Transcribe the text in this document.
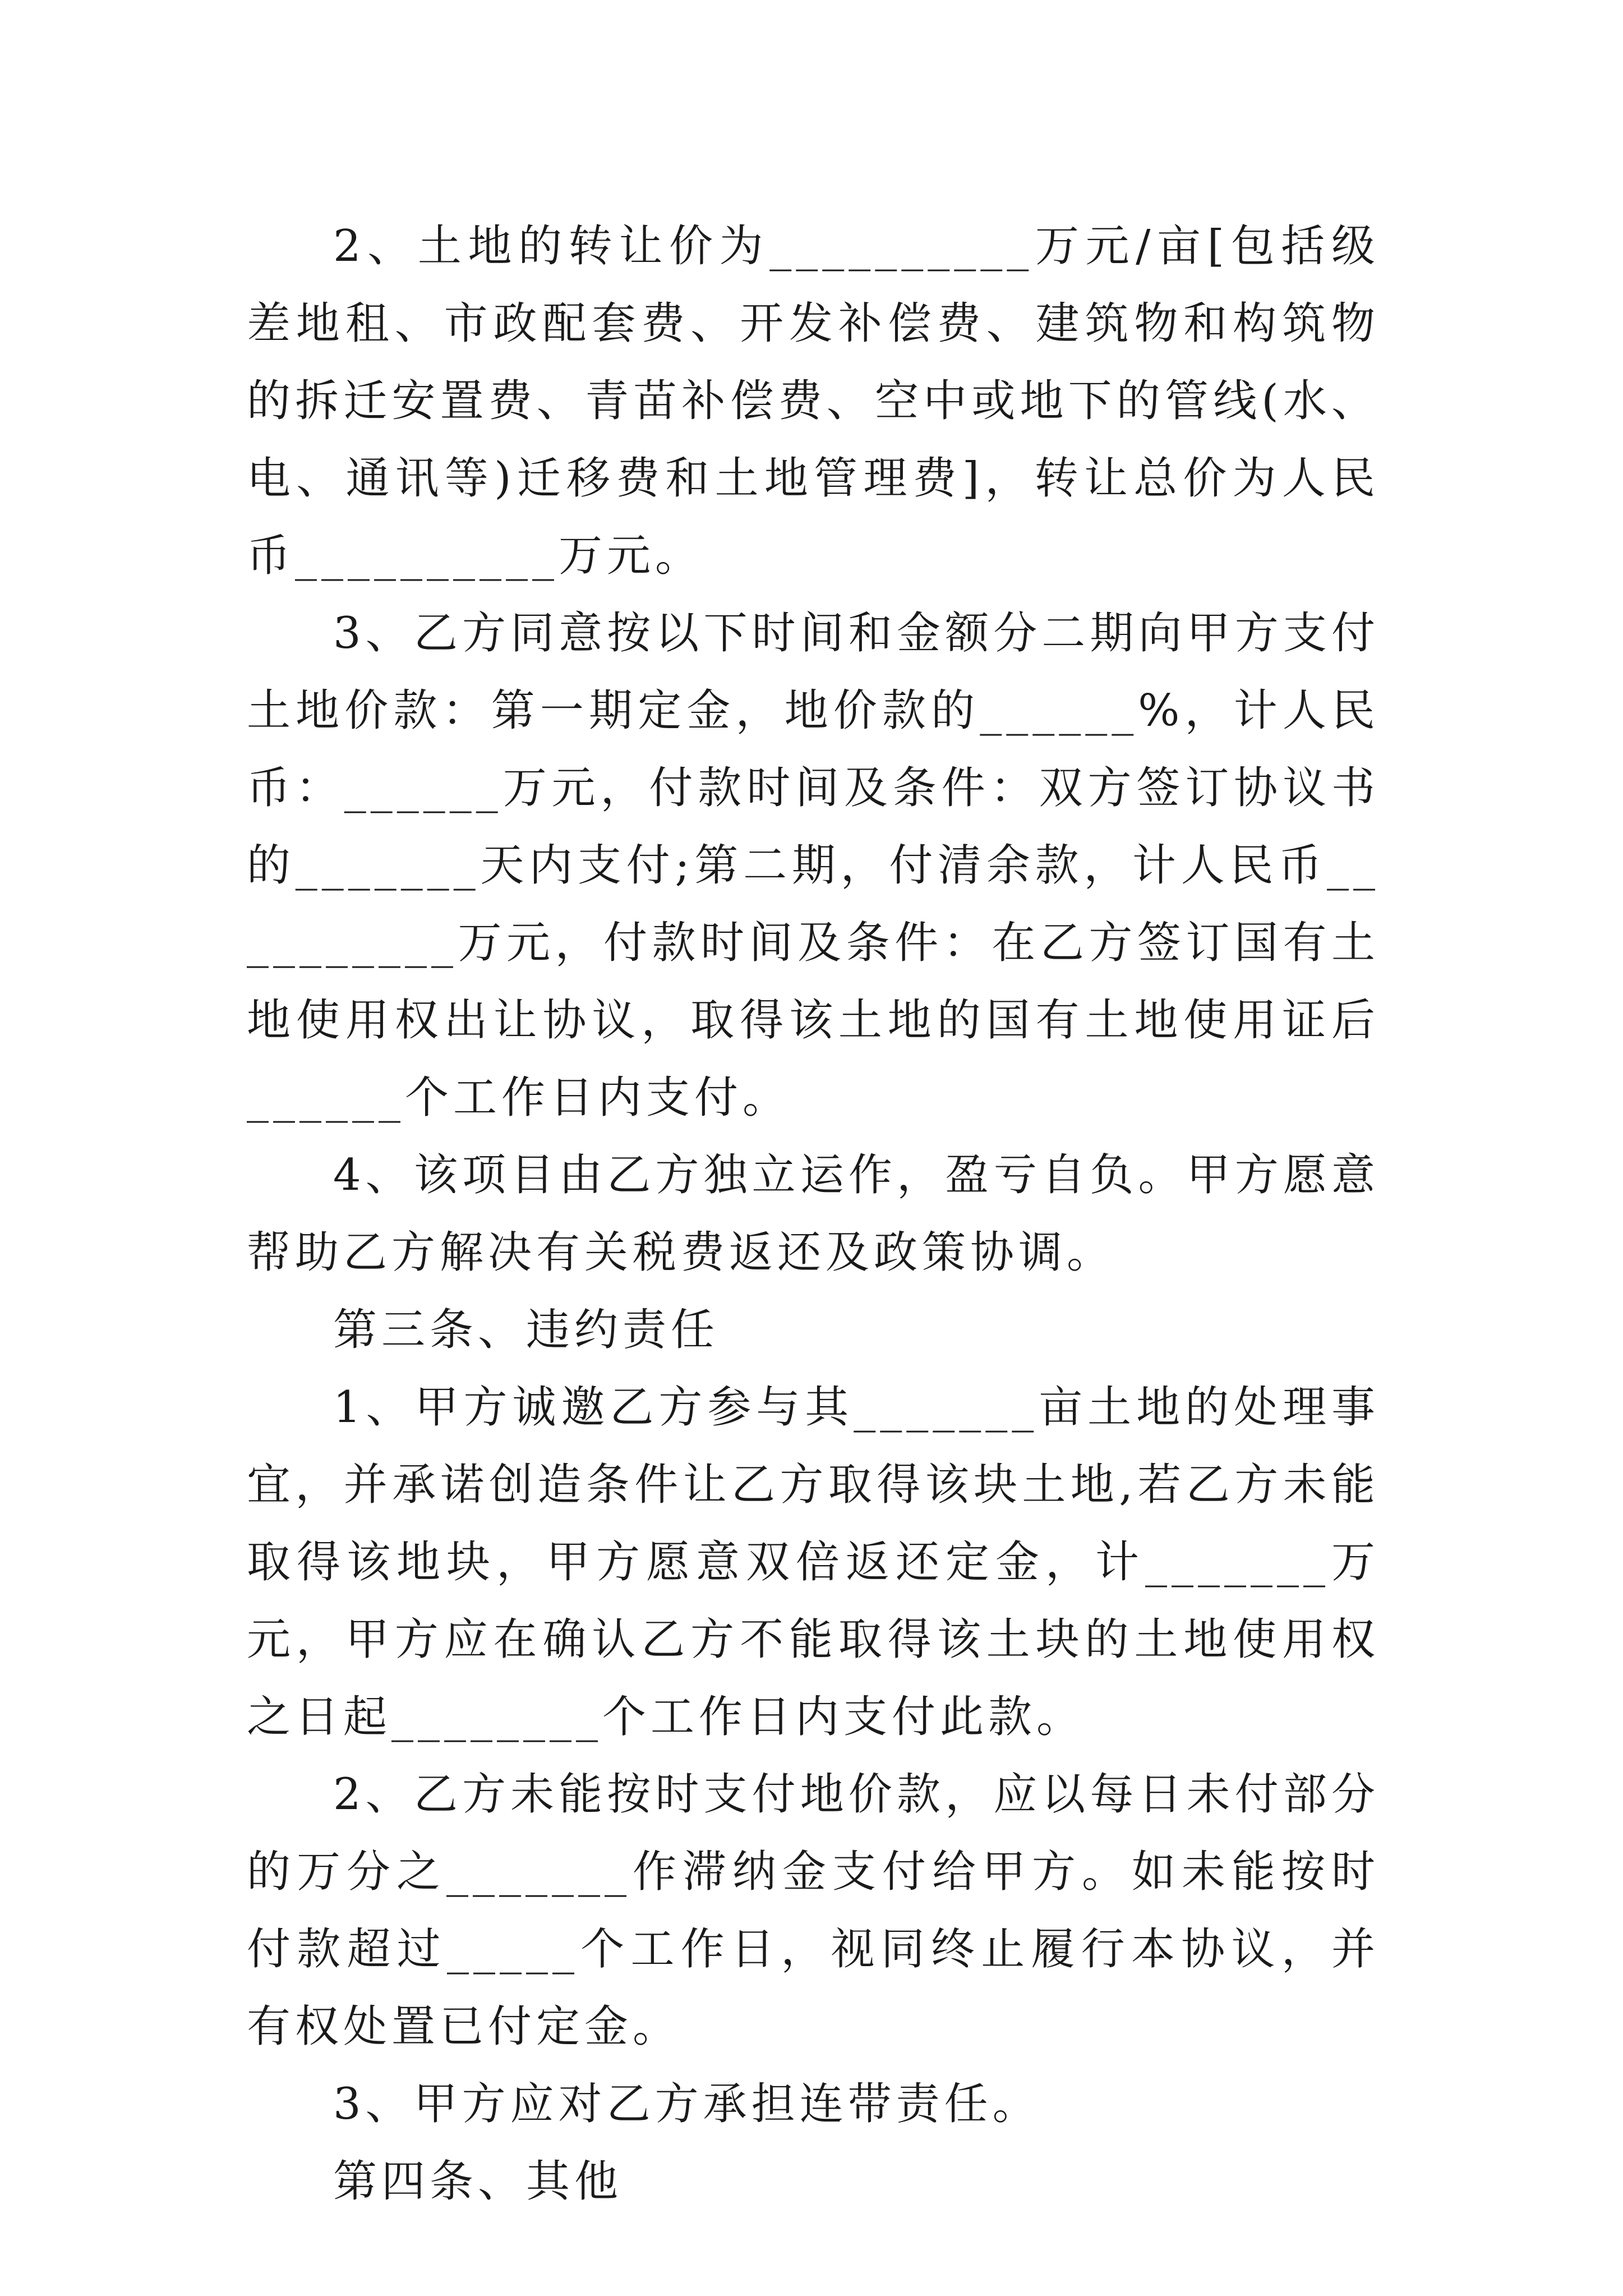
2、土地的转让价为__________万元/亩[包括级差地租、市政配套费、开发补偿费、建筑物和构筑物的拆迁安置费、青苗补偿费、空中或地下的管线(水、电、通讯等)迁移费和土地管理费]，转让总价为人民币__________万元。

3、乙方同意按以下时间和金额分二期向甲方支付土地价款：第一期定金，地价款的______%，计人民币：______万元，付款时间及条件：双方签订协议书的_______天内支付;第二期，付清余款，计人民币__________万元，付款时间及条件：在乙方签订国有土地使用权出让协议，取得该土地的国有土地使用证后______个工作日内支付。

4、该项目由乙方独立运作，盈亏自负。甲方愿意帮助乙方解决有关税费返还及政策协调。

第三条、违约责任

1、甲方诚邀乙方参与其_______亩土地的处理事宜，并承诺创造条件让乙方取得该块土地,若乙方未能取得该地块，甲方愿意双倍返还定金，计_______万元，甲方应在确认乙方不能取得该土块的土地使用权之日起________个工作日内支付此款。

2、乙方未能按时支付地价款，应以每日未付部分的万分之_______作滞纳金支付给甲方。如未能按时付款超过_____个工作日，视同终止履行本协议，并有权处置已付定金。

3、甲方应对乙方承担连带责任。

第四条、其他
